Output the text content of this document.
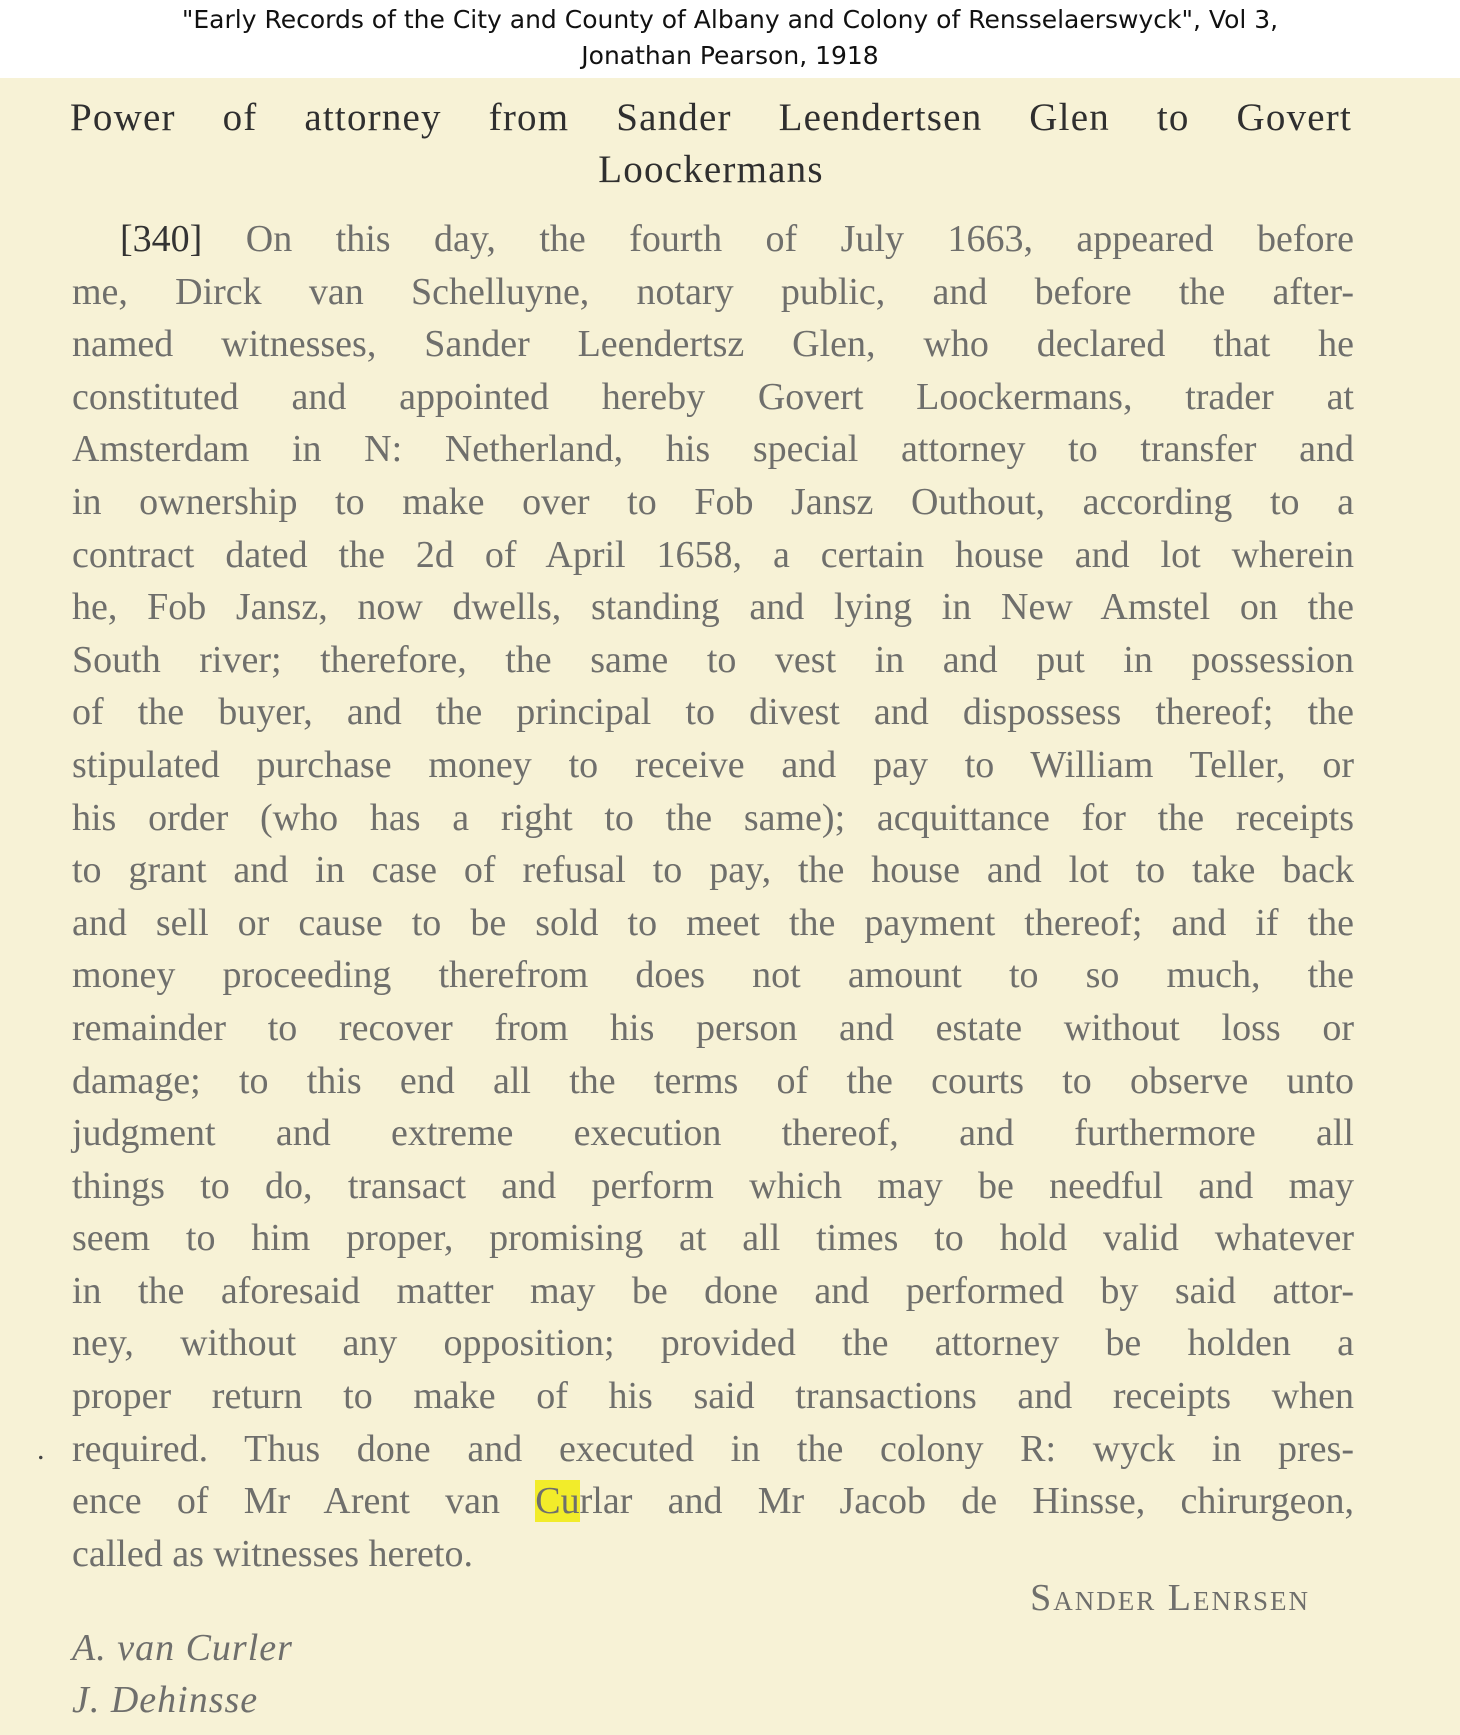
"Early Records of the City and County of Albany and Colony of Rensselaerswyck", Vol 3,
Jonathan Pearson, 1918
Power of attorney from Sander Leendertsen Glen to Govert
Loockermans
[340] On this day, the fourth of July 1663, appeared before
me, Dirck van Schelluyne, notary public, and before the after-
named witnesses, Sander Leendertsz Glen, who declared that he
constituted and appointed hereby Govert Loockermans, trader at
Amsterdam in N: Netherland, his special attorney to transfer and
in ownership to make over to Fob Jansz Outhout, according to a
contract dated the 2d of April 1658, a certain house and lot wherein
he, Fob Jansz, now dwells, standing and lying in New Amstel on the
South river; therefore, the same to vest in and put in possession
of the buyer, and the principal to divest and dispossess thereof; the
stipulated purchase money to receive and pay to William Teller, or
his order (who has a right to the same); acquittance for the receipts
to grant and in case of refusal to pay, the house and lot to take back
and sell or cause to be sold to meet the payment thereof; and if the
money proceeding therefrom does not amount to so much, the
remainder to recover from his person and estate without loss or
damage; to this end all the terms of the courts to observe unto
judgment and extreme execution thereof, and furthermore all
things to do, transact and perform which may be needful and may
seem to him proper, promising at all times to hold valid whatever
in the aforesaid matter may be done and performed by said attor-
ney, without any opposition; provided the attorney be holden a
proper return to make of his said transactions and receipts when
required. Thus done and executed in the colony R: wyck in pres-
ence of Mr Arent van Curlar and Mr Jacob de Hinsse, chirurgeon,
called as witnesses hereto.
.
Sander Lenrsen
A. van Curler
J. Dehinsse
